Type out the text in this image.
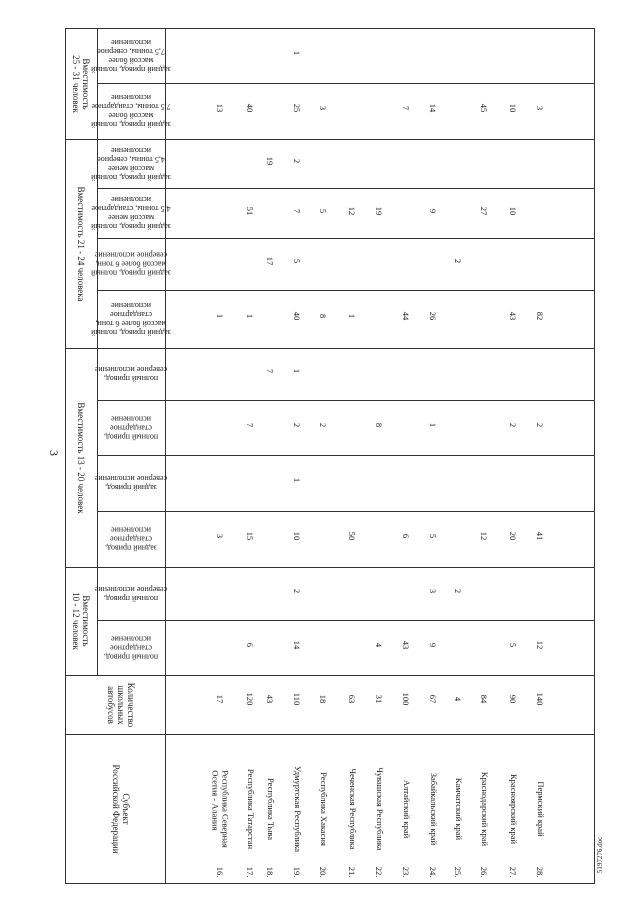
3
Вместимость
25 - 31 человек
Вместимость 21 - 24 человека
Вместимость 13 - 20 человек
Вместимость
10 - 12 человек
Субъект
Российской Федерации
Количество
школьных
автобусов
задний привод, полный
массой более
7,5 тонны, северное
исполнение
задний привод, полный
массой более
7,5 тонны, стандартное
исполнение
задний привод, полный
массой менее
4,5 тонны, северное
исполнение
задний привод, полный
массой менее
4,5 тонны, стандартное
исполнение
задний привод, полный
массой более 6 тонн,
северное исполнение
задний привод, полный
массой более 6 тонн,
стандартное
исполнение
полный привод,
северное исполнение
полный привод,
стандартное
исполнение
задний привод,
северное исполнение
задний привод,
стандартное
исполнение
полный привод,
северное исполнение
полный привод,
стандартное
исполнение
Республика Северная
Осетия - Алания
16.
17
3
1
13
Республика Татарстан
17.
120
6
15
7
1
51
40
Республика Тыва
18.
43
7
17
19
Удмуртская Республика
19.
110
14
2
10
1
2
1
40
5
7
2
25
1
Республика Хакасия
20.
18
2
8
5
3
Чеченская Республика
21.
63
50
1
12
Чувашская Республика
22.
31
4
8
19
Алтайский край
23.
100
43
6
44
7
Забайкальский край
24.
67
9
3
5
1
26
9
14
Камчатский край
25.
4
2
2
Краснодарский край
26.
84
12
27
45
Красноярский край
27.
90
5
20
2
43
10
10
Пермский край
28.
140
12
41
2
82
3
5197276.doc
